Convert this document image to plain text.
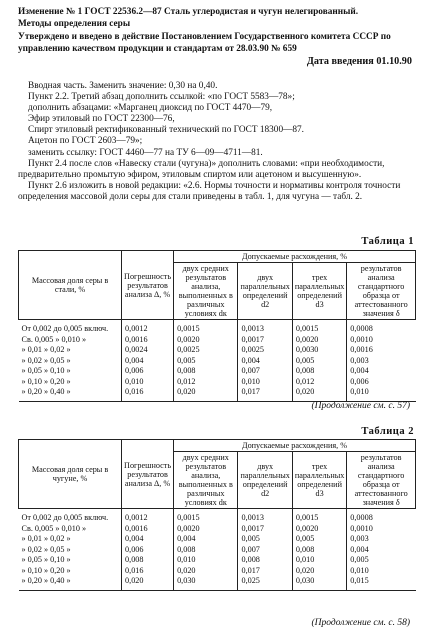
Изменение № 1 ГОСТ 22536.2—87 Сталь углеродистая и чугун нелегированный.
Методы определения серы
Утверждено и введено в действие Постановлением Государственного комитета СССР по управлению качеством продукции и стандартам от 28.03.90 № 659
Дата введения 01.10.90

Вводная часть. Заменить значение: 0,30 на 0,40.

Пункт 2.2. Третий абзац дополнить ссылкой: «по ГОСТ 5583—78»;

дополнить абзацами: «Марганец диоксид по ГОСТ 4470—79,

Эфир этиловый по ГОСТ 22300—76,

Спирт этиловый ректификованный технический по ГОСТ 18300—87.

Ацетон по ГОСТ 2603—79»;

заменить ссылку: ГОСТ 4460—77 на ТУ 6—09—4711—81.

Пункт 2.4 после слов «Навеску стали (чугуна)» дополнить словами: «при необходимости, предварительно промытую эфиром, этиловым спиртом или ацетоном и высушенную».

Пункт 2.6 изложить в новой редакции: «2.6. Нормы точности и нормативы контроля точности определения массовой доли серы для стали приведены в табл. 1, для чугуна — табл. 2.

Таблица 1
Массовая доля серы в стали, %	Погрешность результатов анализа Δ, %	Допускаемые расхождения, %			
		двух средних результатов анализа, выполненных в различных условиях dк	двух параллельных определений d2	трех параллельных определений d3	результатов анализа стандартного образца от аттестованного значения δ
От 0,002 до 0,005 включ.	0,0012	0,0015	0,0013	0,0015	0,0008
Св. 0,005 » 0,010 »	0,0016	0,0020	0,0017	0,0020	0,0010
» 0,01 » 0,02 »	0,0024	0,0025	0,0025	0,0030	0,0016
» 0,02 » 0,05 »	0,004	0,005	0,004	0,005	0,003
» 0,05 » 0,10 »	0,006	0,008	0,007	0,008	0,004
» 0,10 » 0,20 »	0,010	0,012	0,010	0,012	0,006
» 0,20 » 0,40 »	0,016	0,020	0,017	0,020	0,010
(Продолжение см. с. 57)
Таблица 2
Массовая доля серы в чугуне, %	Погрешность результатов анализа Δ, %	Допускаемые расхождения, %			
		двух средних результатов анализа, выполненных в различных условиях dк	двух параллельных определений d2	трех параллельных определений d3	результатов анализа стандартного образца от аттестованного значения δ
От 0,002 до 0,005 включ.	0,0012	0,0015	0,0013	0,0015	0,0008
Св. 0,005 » 0,010 »	0,0016	0,0020	0,0017	0,0020	0,0010
» 0,01 » 0,02 »	0,004	0,004	0,005	0,005	0,003
» 0,02 » 0,05 »	0,006	0,008	0,007	0,008	0,004
» 0,05 » 0,10 »	0,008	0,010	0,008	0,010	0,005
» 0,10 » 0,20 »	0,016	0,020	0,017	0,020	0,010
» 0,20 » 0,40 »	0,020	0,030	0,025	0,030	0,015
(Продолжение см. с. 58)
